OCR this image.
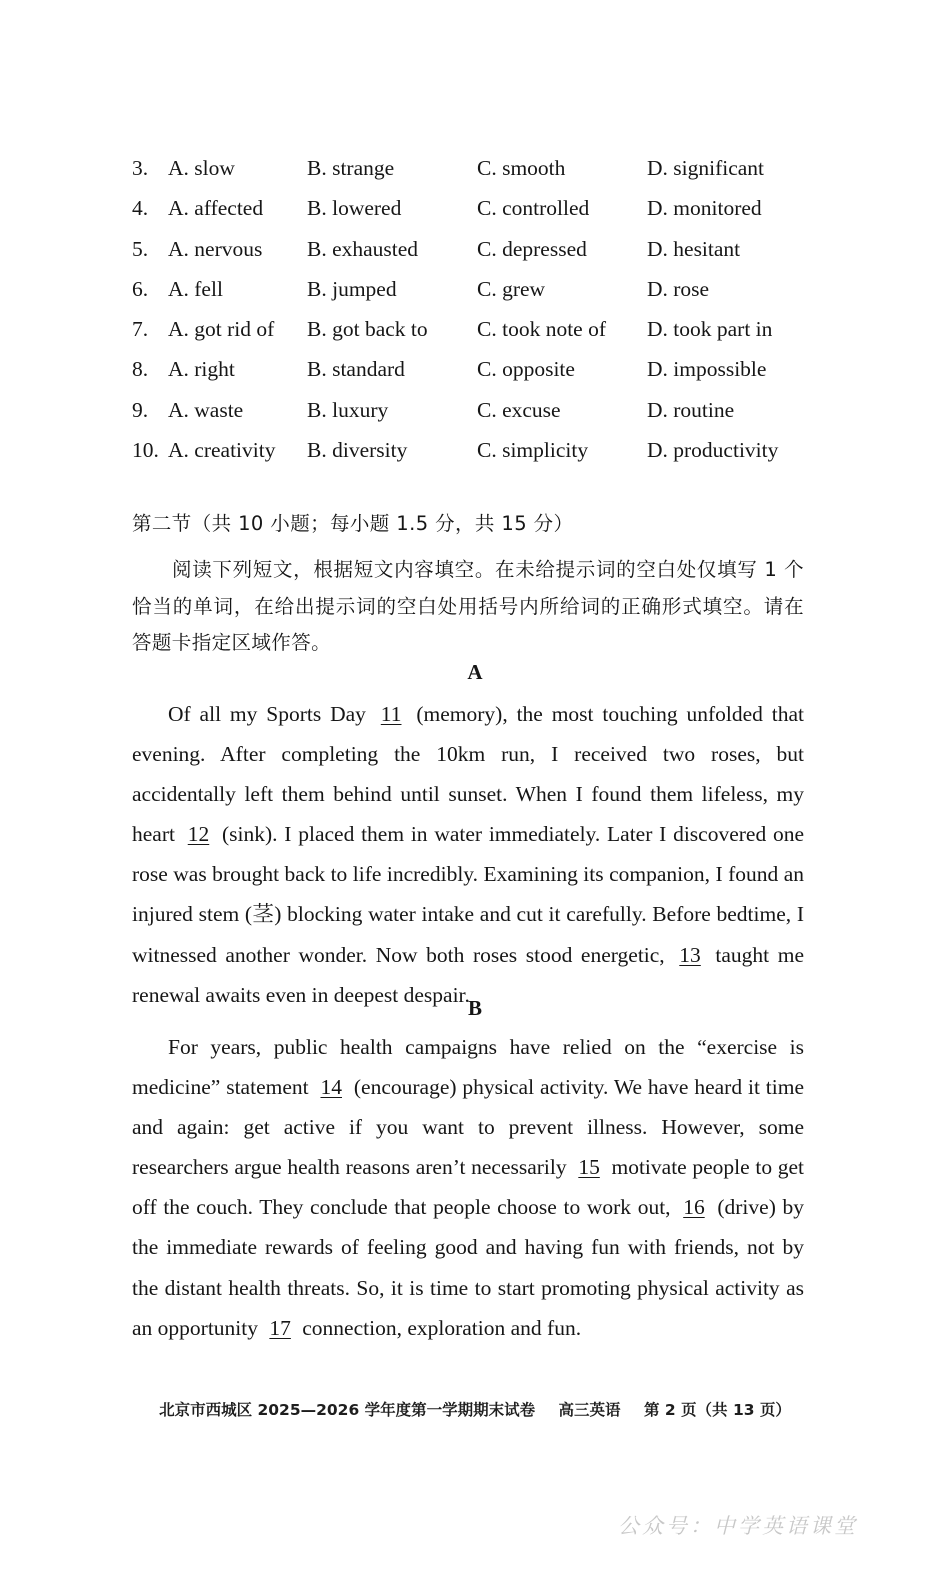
3. A. slow	B. strange	C. smooth	D. significant
4. A. affected B. lowered	C. controlled	D. monitored
5. A. nervous B. exhausted	C. depressed	D. hesitant
6. A. fell	B. jumped	C. grew	D. rose
7. A. got rid of B. got back to C. took note of D. took part in
8. A. right	B. standard	C. opposite	D. impossible
9. A. waste	B. luxury	C. excuse	D. routine
10. A. creativity B. diversity	C. simplicity	D. productivity
第二节（共 10 小题；每小题 1.5 分，共 15 分）

阅读下列短文，根据短文内容填空。在未给提示词的空白处仅填写 1 个恰当的单词，在给出提示词的空白处用括号内所给词的正确形式填空。请在答题卡指定区域作答。

A

Of all my Sports Day 11 (memory), the most touching unfolded that evening. After completing the 10km run, I received two roses, but accidentally left them behind until sunset. When I found them lifeless, my heart 12 (sink). I placed them in water immediately. Later I discovered one rose was brought back to life incredibly. Examining its companion, I found an injured stem (茎) blocking water intake and cut it carefully. Before bedtime, I witnessed another wonder. Now both roses stood energetic, 13 taught me renewal awaits even in deepest despair.

B

For years, public health campaigns have relied on the “exercise is medicine” statement 14 (encourage) physical activity. We have heard it time and again: get active if you want to prevent illness. However, some researchers argue health reasons aren’t necessarily 15 motivate people to get off the couch. They conclude that people choose to work out, 16 (drive) by the immediate rewards of feeling good and having fun with friends, not by the distant health threats. So, it is time to start promoting physical activity as an opportunity 17 connection, exploration and fun.

北京市西城区 2025—2026 学年度第一学期期末试卷 高三英语 第 2 页（共 13 页）
公众号：中学英语课堂
